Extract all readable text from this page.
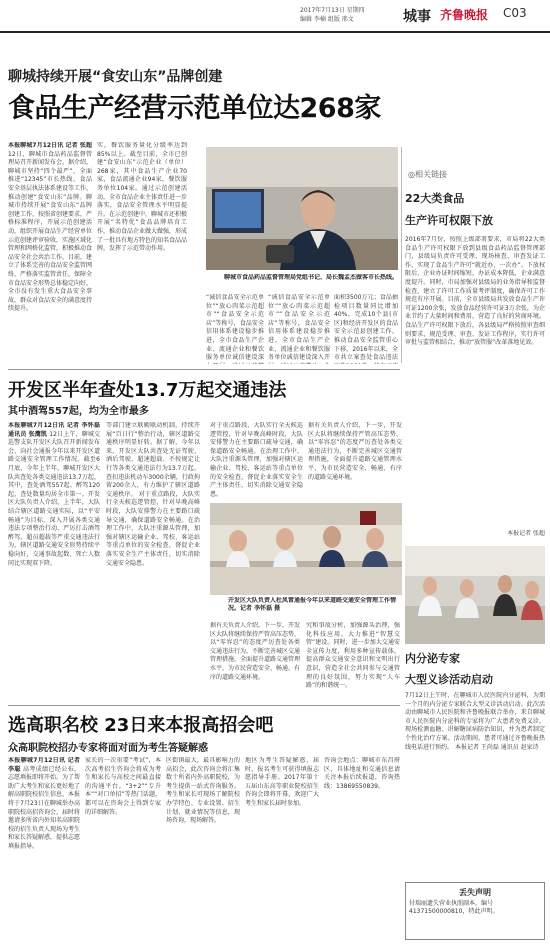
2017年7月13日 星期四
编辑 李楠 组版 邢文	城事 齐鲁晚报 C03
聊城持续开展“食安山东”品牌创建
食品生产经营示范单位达268家
本报聊城7月12日讯 记者 张超 12日，聊城市食品药品监督管理局召开新闻发布会，据介绍，聊城市坚持“四个最严”，全面推进“12345”市长热线、食品安全基层执法体系建设等工作，推动创建“食安山东”品牌。聊城市持续开展“食安山东”品牌创建工作，按照省创建要求，严格标准程序，开展示范创建活动，组织开展食品生产经营单位示范创建评审验收，实施区域化管理和网格化监管，积极推动食品安全社会共治工作，目前，建立了体系完善的食品安全监管网络，严格落实监管责任，保障全市食品安全形势总体稳定向好，全市没有发生重大食品安全事故，群众对食品安全的满意度持续提升。
实，餐饮服务量化分级率达到85%以上。截至目前，全市已创建“食安山东”示范企业（单位）268家，其中食品生产企业70家，食品流通企业94家，餐饮服务单位104家。通过示范创建活动，全市食品企业主体责任进一步落实，食品安全管理水平明显提升。在示范创建中，聊城市还积极开展“名特优”食品品牌培育工作，推动食品企业做大做强，形成了一批具有地方特色的知名食品品牌，发挥了示范带动作用。
聊城市食品药品监督管理局党组书记、局长魏孟杰做客市长热线。
“诚信食品安全示范单位”“放心肉菜示范超市”“食品安全示范店”等称号，食品安全信用体系建设稳步推进，全市食品生产企业、流通企业和餐饮服务单位诚信建设深
“诚信食品安全示范单位”“放心肉菜示范超市”“食品安全示范店”等称号，食品安全信用体系建设稳步推进，全市食品生产企业、流通企业和餐饮服务单位诚信建设深入开
面积3500万元；食品抽检项目数量同比增加40%，完成10个县(市区)和经济开发区的食品安全示范县创建工作，推动食品安全监管重心下移，2016年以来，全市共立案查处食品违法
◎相关链接
22大类食品
生产许可权限下放
2016年7月份，按照上级部署要求，市局将22大类食品生产许可权限下放到县级食品药品监督管理部门，县级局负责许可受理、现场核查、审查发证工作，实现了食品生产许可“就近办、一次办”。下放权限后，企业办证时间缩短，办证成本降低，企业满意度提升。同时，市局加强对县级局的业务指导和监督检查，建立了许可工作质量考评制度，确保许可工作规范有序开展。目前，全市县级局共发放食品生产许可证1200余张，发放食品经营许可证3万余张，为企业节约了大量时间和费用，营造了良好的营商环境。食品生产许可权限下放后，各县级局严格按照审查细则要求，规范受理、审查、发证工作程序，实行许可审批与监管相结合，推动“放管服”改革落地见效。
本报记者 张超
开发区半年查处13.7万起交通违法
其中酒驾557起，均为全市最多
本报聊城7月12日讯 记者 李怀磊 通讯员 张鹰凯 12日上午，聊城交巡警支队开发区大队召开新闻发布会，向社会通报今年以来开发区道路交通安全管理工作情况。截至6月底，今年上半年，聊城开发区大队共查处各类交通违法13.7万起，其中，查处酒驾557起、醉驾120起，查处数量均居全市第一。开发区大队负责人介绍，上半年，大队结合辖区道路交通实际，以“平安畅通”为目标，深入开展各类交通违法专项整治行动，严厉打击酒驾醉驾、超员超载等严重交通违法行为，辖区道路交通安全形势持续平稳向好，交通事故起数、死亡人数同比实现双下降。
等部门建立联勤联动机制，持续开展“百日行”整治行动，辖区道路交通秩序明显好转。据了解，今年以来，开发区大队共查处无证驾驶、酒后驾驶、超速超载、不按规定让行等各类交通违法行为13.7万起，查扣违法机动车3000余辆，行政拘留200余人，有力维护了辖区道路交通秩序。 对于重点路段，大队实行全天候巡逻管控，针对早晚高峰时段，大队安排警力在主要路口疏导交通，确保道路安全畅通。在治理工作中，大队注重源头管理，加强对辖区运输企业、驾校、客运站等重点单位的安全检查，督促企业落实安全生产主体责任，切实消除交通安全隐患。
开发区大队负责人杜凤雷通报今年以来道路交通安全管理工作情况。记者 李怀磊 摄
据有关负责人介绍，下一步，开发区大队将继续保持严管高压态势，以“零容忍”的态度严厉查处各类交通违法行为，不断完善城区交通管理措施，全面提升道路交通管理水平，为市民营造安全、畅通、有序的道路交通环境。
究和事故分析，加强源头治理，强化科技应用，大力推进“智慧交管”建设。同时，进一步加大交通安全宣传力度，利用多种宣传载体，提高群众交通安全意识和文明出行意识，营造全社会共同参与交通管理的良好氛围，努力实现“人车路”的和谐统一。
对于重点路段，大队实行全天候巡逻管控，针对早晚高峰时段，大队安排警力在主要路口疏导交通，确保道路安全畅通。在治理工作中，大队注重源头管理，加强对辖区运输企业、驾校、客运站等重点单位的安全检查，督促企业落实安全生产主体责任，切实消除交通安全隐患。
据有关负责人介绍，下一步，开发区大队将继续保持严管高压态势，以“零容忍”的态度严厉查处各类交通违法行为，不断完善城区交通管理措施，全面提升道路交通管理水平，为市民营造安全、畅通、有序的道路交通环境。
内分泌专家
大型义诊活动启动
7月12日上午时，在聊城市人民医院内分泌科，为期一个月的内分泌专家联合大型义诊活动启动。此次活动由聊城市人民医院和齐鲁晚报联合举办，来自聊城市人民医院内分泌科的专家将为广大患者免费义诊，现场检测血糖、讲解糖尿病防治知识，并为患者制定个性化治疗方案。活动期间，患者可通过齐鲁晚报热线电话进行预约。 本报记者 王尚磊 通讯员 赵家诗
选高职名校 23日来本报高招会吧
众高职院校招办专家将面对面为考生答疑解惑
本报聊城7月12日讯 记者 李聪 高考成绩已经公布，志愿填报即将开始。为了帮助广大考生和家长更好地了解高职院校招生信息，本报将于7月23日在聊城举办高职院校高招咨询会，届时将邀请多所省内外知名高职院校的招生负责人现场为考生和家长答疑解惑，提供志愿填报指导。
家长的一次重要“考试”，本次高考招生咨询会将成为考生和家长与高校之间最直接的沟通平台。“3+2”“专升本”“对口单招”等热门话题，都可以在咨询会上得到专家的详细解答。
区街镇最大，最具影响力的高招会，此次咨询会将汇集数十所省内外高职院校，为考生提供一站式咨询服务。考生和家长可现场了解院校办学特色、专业设置、招生计划、就业情况等信息，现场咨询，现场解答。
地区为考生答疑解惑，届时，报名考生可获得填报志愿指导手册。2017年第十五届山东高等职业院校招生咨询会即将开幕，欢迎广大考生和家长届时参加。
咨询会地点：聊城市东昌府区，具体地址和交通信息请关注本报后续报道，咨询热线：13869550839。
丢失声明
付瑞丽遗失营业执照副本，编号41371500000810，特此声明。
